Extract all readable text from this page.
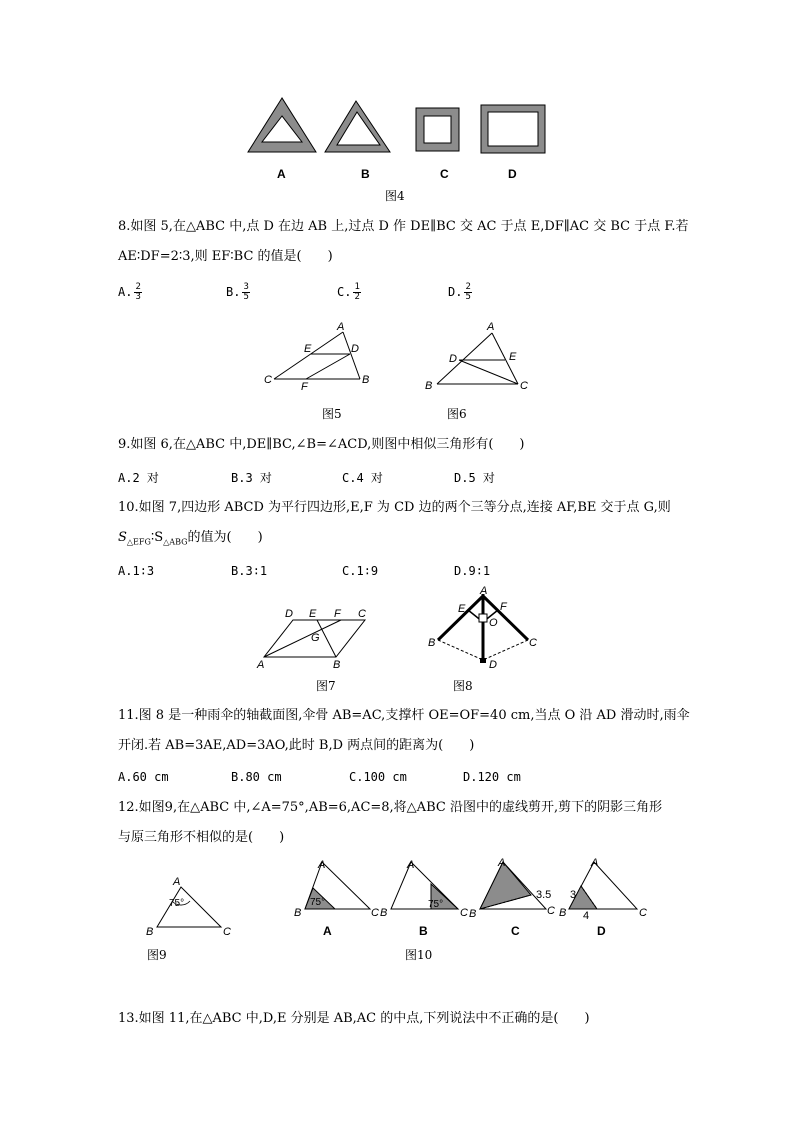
A	B	C	D
图4
8.如图 5,在△ABC 中,点 D 在边 AB 上,过点 D 作 DE∥BC 交 AC 于点 E,DF∥AC 交 BC 于点 F.若
AE∶DF=2∶3,则 EF∶BC 的值是(　　)
A. $\frac{2}{3}$	B. $\frac{3}{5}$	C. $\frac{1}{2}$	D. $\frac{2}{5}$
A
E	D
C
F
B
图5
A
D	E
B	C
图6
9.如图 6,在△ABC 中,DE∥BC,∠B=∠ACD,则图中相似三角形有(　　)
A.2 对	B.3 对	C.4 对	D.5 对
10.如图 7,四边形 ABCD 为平行四边形,E,F 为 CD 边的两个三等分点,连接 AF,BE 交于点 G,则
$S_{\triangle EFG}∶S_{\triangle ABG}$的值为(　　)
A.1∶3	B.3∶1	C.1∶9	D.9∶1
D E F C
G
A	B
图7
A
E	F
O
B	C
D
图8
11.图 8 是一种雨伞的轴截面图,伞骨 AB=AC,支撑杆 OE=OF=40 cm,当点 O 沿 AD 滑动时,雨伞
开闭.若 AB=3AE,AD=3AO,此时 B,D 两点间的距离为(　　)
A.60 cm	B.80 cm	C.100 cm	D.120 cm
12.如图9,在△ABC 中,∠A=75°,AB=6,AC=8,将△ABC 沿图中的虚线剪开,剪下的阴影三角形
与原三角形不相似的是(　　)
A
B	C
75°
图9
75°	75°
3.5 3
4
A
B	C
A
B	C
A
B	C
A
B	C
A	B	C	D
图10
13.如图 11,在△ABC 中,D,E 分别是 AB,AC 的中点,下列说法中不正确的是(　　)
